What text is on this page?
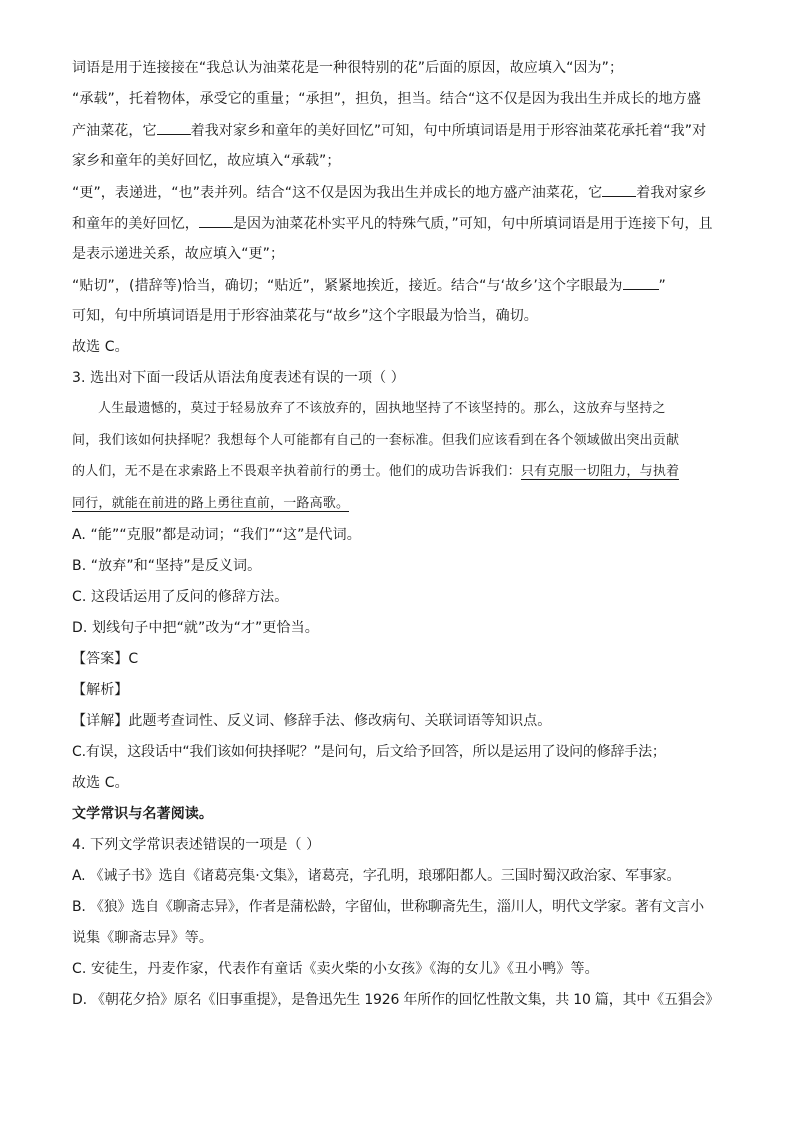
词语是用于连接接在“我总认为油菜花是一种很特别的花”后面的原因，故应填入“因为”；
“承载”，托着物体，承受它的重量；“承担”，担负，担当。结合“这不仅是因为我出生并成长的地方盛
产油菜花，它 着我对家乡和童年的美好回忆”可知，句中所填词语是用于形容油菜花承托着“我”对
家乡和童年的美好回忆，故应填入“承载”；
“更”，表递进，“也”表并列。结合“这不仅是因为我出生并成长的地方盛产油菜花，它 着我对家乡
和童年的美好回忆， 是因为油菜花朴实平凡的特殊气质，”可知，句中所填词语是用于连接下句，且
是表示递进关系，故应填入“更”；
“贴切”，(措辞等)恰当，确切；“贴近”，紧紧地挨近，接近。结合“与‘故乡’这个字眼最为	”
可知，句中所填词语是用于形容油菜花与“故乡”这个字眼最为恰当，确切。
故选 C。
3. 选出对下面一段话从语法角度表述有误的一项（ ）
人生最遗憾的，莫过于轻易放弃了不该放弃的，固执地坚持了不该坚持的。那么，这放弃与坚持之
间，我们该如何抉择呢？我想每个人可能都有自己的一套标准。但我们应该看到在各个领域做出突出贡献
的人们，无不是在求索路上不畏艰辛执着前行的勇士。他们的成功告诉我们：只有克服一切阻力，与执着
同行，就能在前进的路上勇往直前，一路高歌。
A. “能”“克服”都是动词；“我们”“这”是代词。
B. “放弃”和“坚持”是反义词。
C. 这段话运用了反问的修辞方法。
D. 划线句子中把“就”改为“才”更恰当。
【答案】C
【解析】
【详解】此题考查词性、反义词、修辞手法、修改病句、关联词语等知识点。
C.有误，这段话中“我们该如何抉择呢？”是问句，后文给予回答，所以是运用了设问的修辞手法；
故选 C。
文学常识与名著阅读。
4. 下列文学常识表述错误的一项是（ ）
A. 《诫子书》选自《诸葛亮集·文集》，诸葛亮，字孔明，琅琊阳都人。三国时蜀汉政治家、军事家。
B. 《狼》选自《聊斋志异》，作者是蒲松龄，字留仙，世称聊斋先生，淄川人，明代文学家。著有文言小
说集《聊斋志异》等。
C. 安徒生，丹麦作家，代表作有童话《卖火柴的小女孩》《海的女儿》《丑小鸭》等。
D. 《朝花夕拾》原名《旧事重提》，是鲁迅先生 1926 年所作的回忆性散文集，共 10 篇，其中《五猖会》
